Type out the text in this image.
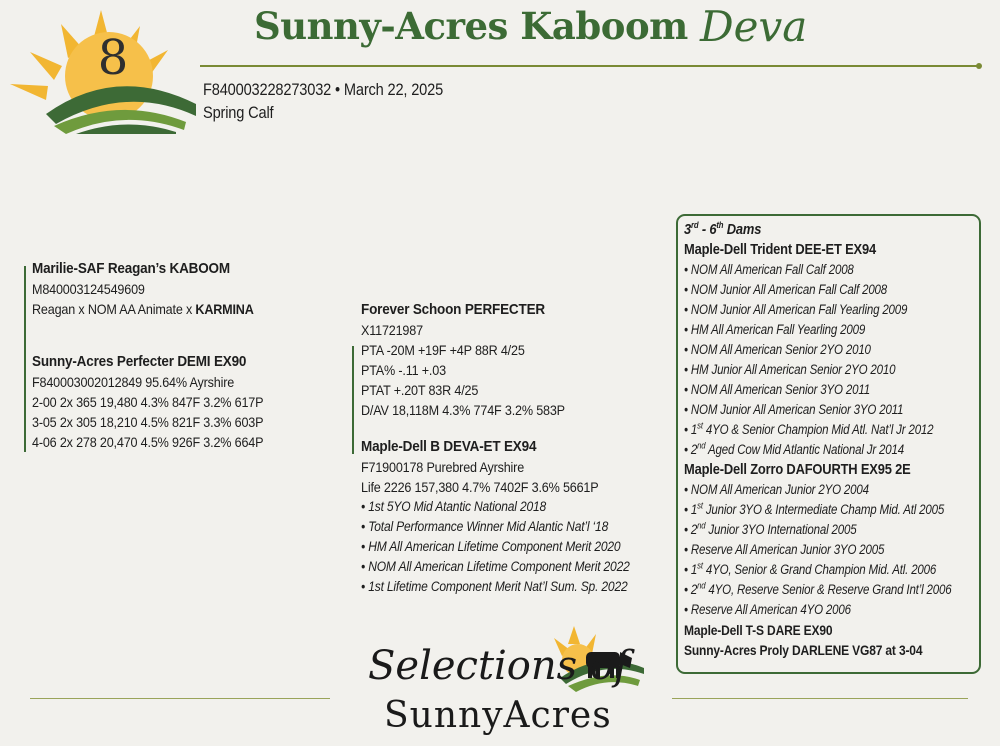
8
Sunny-Acres Kaboom Deva
F840003228273032 • March 22, 2025
Spring Calf
Marilie-SAF Reagan’s KABOOM
M840003124549609
Reagan x NOM AA Animate x KARMINA
Sunny-Acres Perfecter DEMI EX90
F840003002012849 95.64% Ayrshire
2-00 2x 365 19,480 4.3% 847F 3.2% 617P
3-05 2x 305 18,210 4.5% 821F 3.3% 603P
4-06 2x 278 20,470 4.5% 926F 3.2% 664P
Forever Schoon PERFECTER
X11721987
PTA -20M +19F +4P 88R 4/25
PTA% -.11 +.03
PTAT +.20T 83R 4/25
D/AV 18,118M 4.3% 774F 3.2% 583P
Maple-Dell B DEVA-ET EX94
F71900178 Purebred Ayrshire
Life 2226 157,380 4.7% 7402F 3.6% 5661P
• 1st 5YO Mid Atantic National 2018
• Total Performance Winner Mid Alantic Nat’l ‘18
• HM All American Lifetime Component Merit 2020
• NOM All American Lifetime Component Merit 2022
• 1st Lifetime Component Merit Nat’l Sum. Sp. 2022
3rd - 6th Dams
Maple-Dell Trident DEE-ET EX94
• NOM All American Fall Calf 2008
• NOM Junior All American Fall Calf 2008
• NOM Junior All American Fall Yearling 2009
• HM All American Fall Yearling 2009
• NOM All American Senior 2YO 2010
• HM Junior All American Senior 2YO 2010
• NOM All American Senior 3YO 2011
• NOM Junior All American Senior 3YO 2011
• 1st 4YO & Senior Champion Mid Atl. Nat’l Jr 2012
• 2nd Aged Cow Mid Atlantic National Jr 2014
Maple-Dell Zorro DAFOURTH EX95 2E
• NOM All American Junior 2YO 2004
• 1st Junior 3YO & Intermediate Champ Mid. Atl 2005
• 2nd Junior 3YO International 2005
• Reserve All American Junior 3YO 2005
• 1st 4YO, Senior & Grand Champion Mid. Atl. 2006
• 2nd 4YO, Reserve Senior & Reserve Grand Int’l 2006
• Reserve All American 4YO 2006
Maple-Dell T-S DARE EX90
Sunny-Acres Proly DARLENE VG87 at 3-04
Selections of
SunnyAcres
